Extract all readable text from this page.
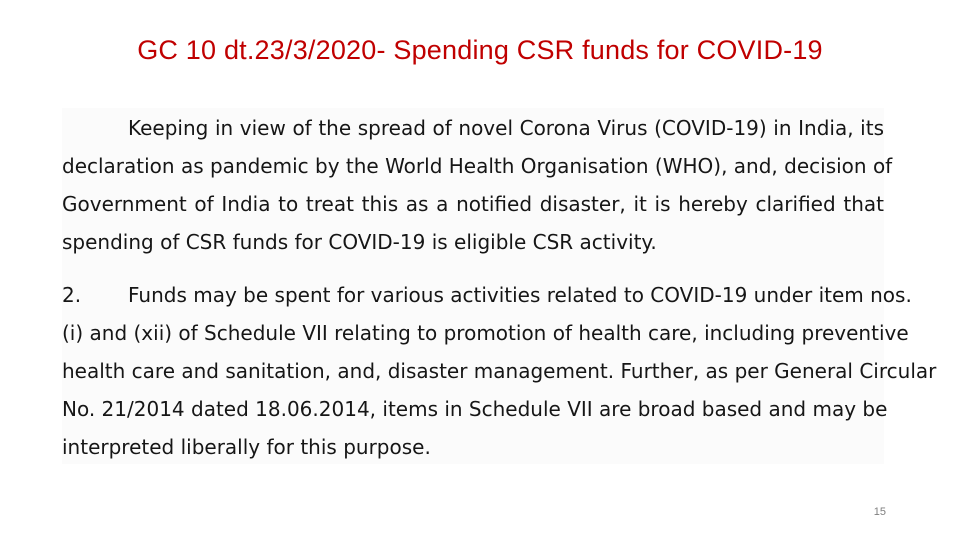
GC 10 dt.23/3/2020- Spending CSR funds for COVID-19
Keeping in view of the spread of novel Corona Virus (COVID-19) in India, its
declaration as pandemic by the World Health Organisation (WHO), and, decision of
Government of India to treat this as a notified disaster, it is hereby clarified that
spending of CSR funds for COVID-19 is eligible CSR activity.
2. Funds may be spent for various activities related to COVID-19 under item nos.
(i) and (xii) of Schedule VII relating to promotion of health care, including preventive
health care and sanitation, and, disaster management. Further, as per General Circular
No. 21/2014 dated 18.06.2014, items in Schedule VII are broad based and may be
interpreted liberally for this purpose.
15
